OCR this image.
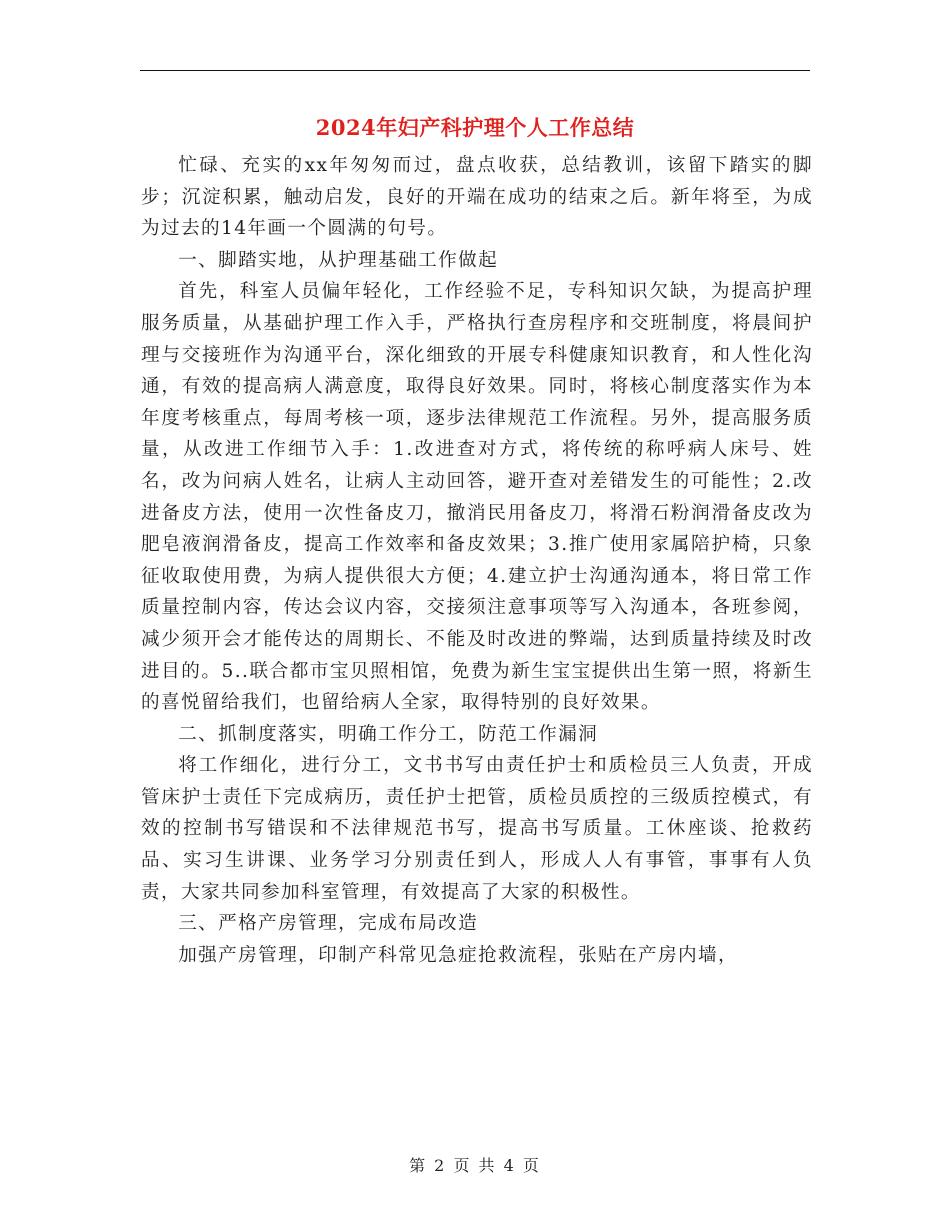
2024年妇产科护理个人工作总结

忙碌、充实的xx年匆匆而过，盘点收获，总结教训，该留下踏实的脚步；沉淀积累，触动启发，良好的开端在成功的结束之后。新年将至，为成为过去的14年画一个圆满的句号。

一、脚踏实地，从护理基础工作做起

首先，科室人员偏年轻化，工作经验不足，专科知识欠缺，为提高护理服务质量，从基础护理工作入手，严格执行查房程序和交班制度，将晨间护理与交接班作为沟通平台，深化细致的开展专科健康知识教育，和人性化沟通，有效的提高病人满意度，取得良好效果。同时，将核心制度落实作为本年度考核重点，每周考核一项，逐步法律规范工作流程。另外，提高服务质量，从改进工作细节入手：1.改进查对方式，将传统的称呼病人床号、姓名，改为问病人姓名，让病人主动回答，避开查对差错发生的可能性；2.改进备皮方法，使用一次性备皮刀，撤消民用备皮刀，将滑石粉润滑备皮改为肥皂液润滑备皮，提高工作效率和备皮效果；3.推广使用家属陪护椅，只象征收取使用费，为病人提供很大方便；4.建立护士沟通沟通本，将日常工作质量控制内容，传达会议内容，交接须注意事项等写入沟通本，各班参阅，减少须开会才能传达的周期长、不能及时改进的弊端，达到质量持续及时改进目的。5..联合都市宝贝照相馆，免费为新生宝宝提供出生第一照，将新生的喜悦留给我们，也留给病人全家，取得特别的良好效果。

二、抓制度落实，明确工作分工，防范工作漏洞

将工作细化，进行分工，文书书写由责任护士和质检员三人负责，开成管床护士责任下完成病历，责任护士把管，质检员质控的三级质控模式，有效的控制书写错误和不法律规范书写，提高书写质量。工休座谈、抢救药品、实习生讲课、业务学习分别责任到人，形成人人有事管，事事有人负责，大家共同参加科室管理，有效提高了大家的积极性。

三、严格产房管理，完成布局改造

加强产房管理，印制产科常见急症抢救流程，张贴在产房内墙，

第 2 页 共 4 页
